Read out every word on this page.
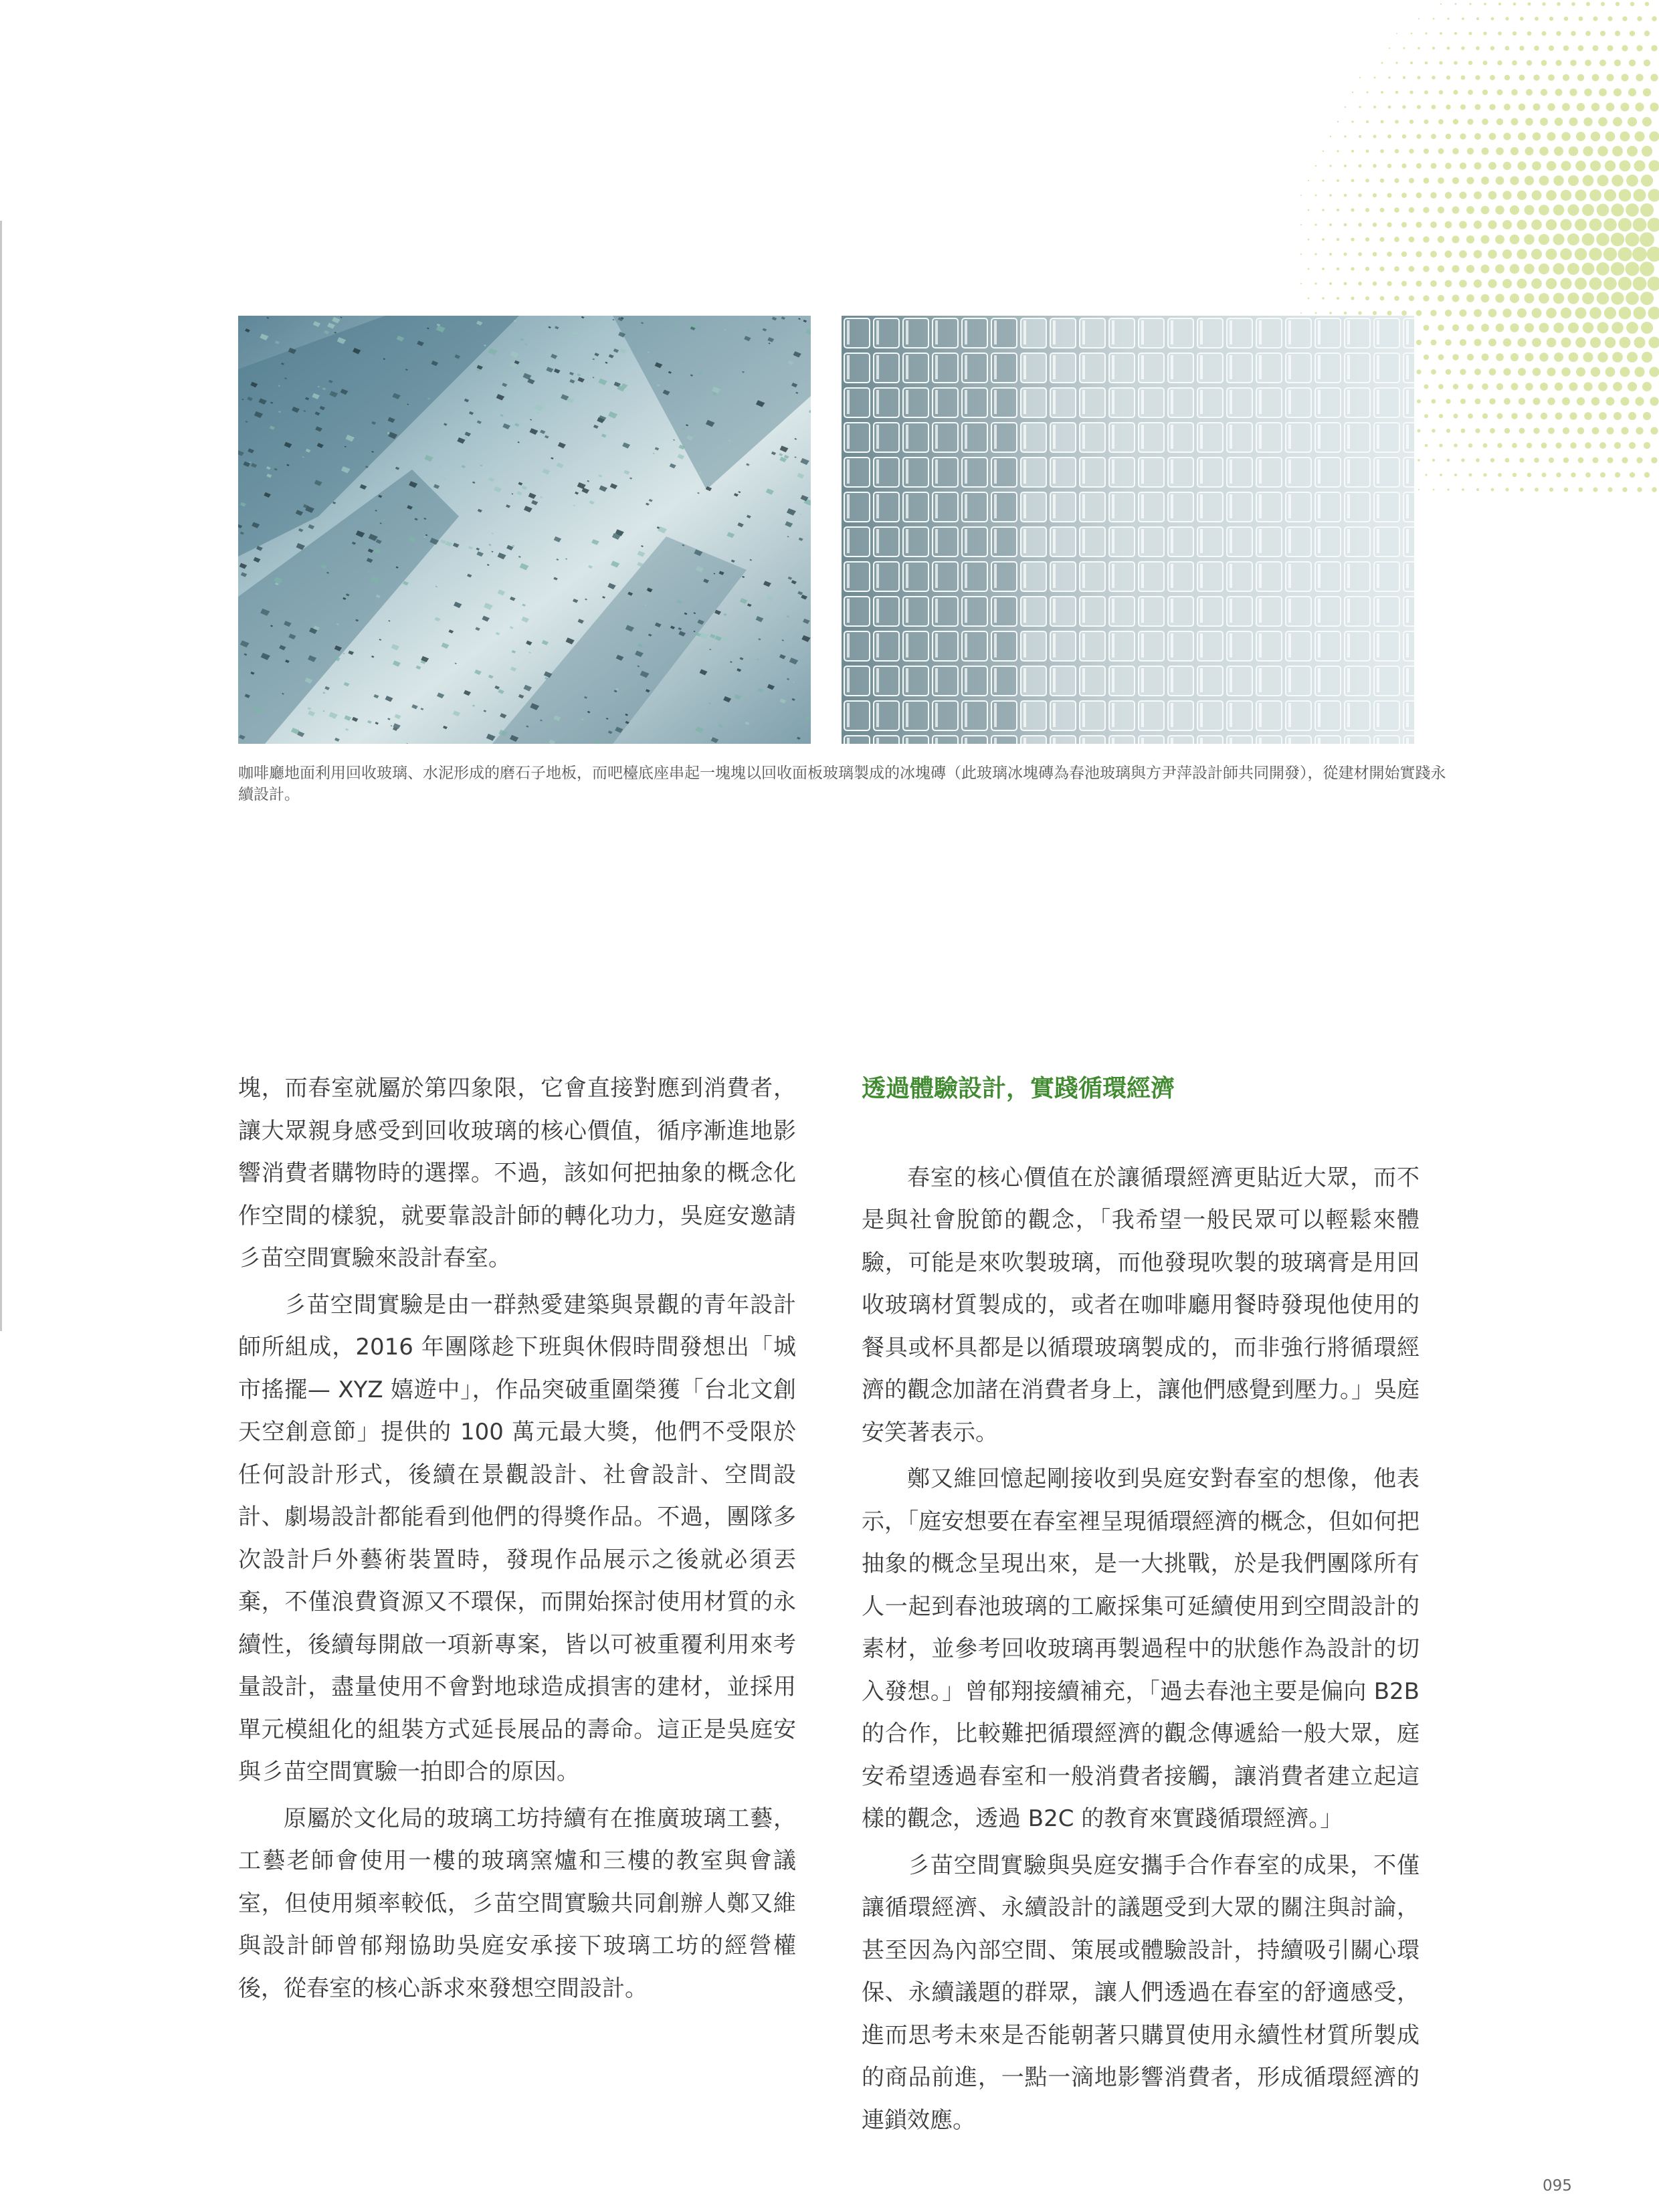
咖啡廳地面利用回收玻璃、水泥形成的磨石子地板，而吧檯底座串起一塊塊以回收面板玻璃製成的冰塊磚（此玻璃冰塊磚為春池玻璃與方尹萍設計師共同開發），從建材開始實踐永續設計。

塊，而春室就屬於第四象限，它會直接對應到消費者，讓大眾親身感受到回收玻璃的核心價值，循序漸進地影響消費者購物時的選擇。不過，該如何把抽象的概念化作空間的樣貌，就要靠設計師的轉化功力，吳庭安邀請彡苗空間實驗來設計春室。

彡苗空間實驗是由一群熱愛建築與景觀的青年設計師所組成，2016 年團隊趁下班與休假時間發想出「城市搖擺— XYZ 嬉遊中」，作品突破重圍榮獲「台北文創天空創意節」提供的 100 萬元最大獎，他們不受限於任何設計形式，後續在景觀設計、社會設計、空間設計、劇場設計都能看到他們的得獎作品。不過，團隊多次設計戶外藝術裝置時，發現作品展示之後就必須丟棄，不僅浪費資源又不環保，而開始探討使用材質的永續性，後續每開啟一項新專案，皆以可被重覆利用來考量設計，盡量使用不會對地球造成損害的建材，並採用單元模組化的組裝方式延長展品的壽命。這正是吳庭安與彡苗空間實驗一拍即合的原因。

原屬於文化局的玻璃工坊持續有在推廣玻璃工藝，工藝老師會使用一樓的玻璃窯爐和三樓的教室與會議室，但使用頻率較低，彡苗空間實驗共同創辦人鄭又維與設計師曾郁翔協助吳庭安承接下玻璃工坊的經營權後，從春室的核心訴求來發想空間設計。

透過體驗設計，實踐循環經濟

春室的核心價值在於讓循環經濟更貼近大眾，而不是與社會脫節的觀念，「我希望一般民眾可以輕鬆來體驗，可能是來吹製玻璃，而他發現吹製的玻璃膏是用回收玻璃材質製成的，或者在咖啡廳用餐時發現他使用的餐具或杯具都是以循環玻璃製成的，而非強行將循環經濟的觀念加諸在消費者身上，讓他們感覺到壓力。」吳庭安笑著表示。

鄭又維回憶起剛接收到吳庭安對春室的想像，他表示，「庭安想要在春室裡呈現循環經濟的概念，但如何把抽象的概念呈現出來，是一大挑戰，於是我們團隊所有人一起到春池玻璃的工廠採集可延續使用到空間設計的素材，並參考回收玻璃再製過程中的狀態作為設計的切入發想。」曾郁翔接續補充，「過去春池主要是偏向 B2B 的合作，比較難把循環經濟的觀念傳遞給一般大眾，庭安希望透過春室和一般消費者接觸，讓消費者建立起這樣的觀念，透過 B2C 的教育來實踐循環經濟。」

彡苗空間實驗與吳庭安攜手合作春室的成果，不僅讓循環經濟、永續設計的議題受到大眾的關注與討論，甚至因為內部空間、策展或體驗設計，持續吸引關心環保、永續議題的群眾，讓人們透過在春室的舒適感受，進而思考未來是否能朝著只購買使用永續性材質所製成的商品前進，一點一滴地影響消費者，形成循環經濟的連鎖效應。

095
